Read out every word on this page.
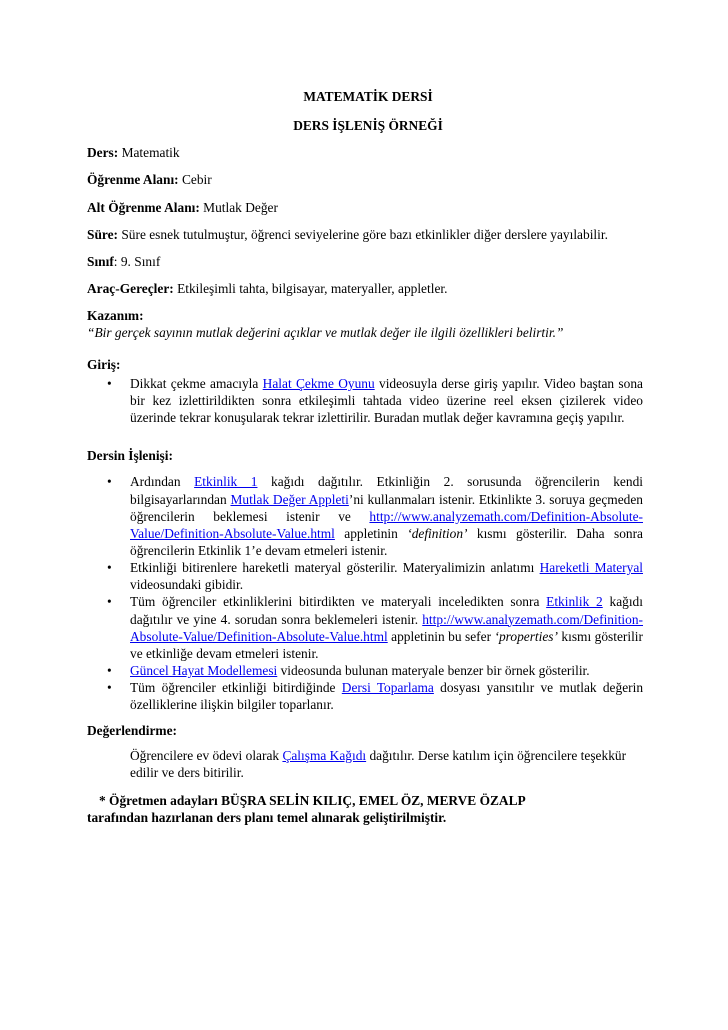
MATEMATİK DERSİ

DERS İŞLENİŞ ÖRNEĞİ

Ders: Matematik

Öğrenme Alanı: Cebir

Alt Öğrenme Alanı: Mutlak Değer

Süre: Süre esnek tutulmuştur, öğrenci seviyelerine göre bazı etkinlikler diğer derslere yayılabilir.

Sınıf: 9. Sınıf

Araç-Gereçler: Etkileşimli tahta, bilgisayar, materyaller, appletler.

Kazanım:

“Bir gerçek sayının mutlak değerini açıklar ve mutlak değer ile ilgili özellikleri belirtir.”

Giriş:

• Dikkat çekme amacıyla Halat Çekme Oyunu videosuyla derse giriş yapılır. Video baştan sona bir kez izlettirildikten sonra etkileşimli tahtada video üzerine reel eksen çizilerek video üzerinde tekrar konuşularak tekrar izlettirilir. Buradan mutlak değer kavramına geçiş yapılır.

Dersin İşlenişi:

• Ardından Etkinlik 1 kağıdı dağıtılır. Etkinliğin 2. sorusunda öğrencilerin kendi bilgisayarlarından Mutlak Değer Appleti’ni kullanmaları istenir. Etkinlikte 3. soruya geçmeden öğrencilerin beklemesi istenir ve http://www.analyzemath.com/Definition-Absolute-Value/Definition-Absolute-Value.html appletinin ‘definition’ kısmı gösterilir. Daha sonra öğrencilerin Etkinlik 1’e devam etmeleri istenir.
• Etkinliği bitirenlere hareketli materyal gösterilir. Materyalimizin anlatımı Hareketli Materyal videosundaki gibidir.
• Tüm öğrenciler etkinliklerini bitirdikten ve materyali inceledikten sonra Etkinlik 2 kağıdı dağıtılır ve yine 4. sorudan sonra beklemeleri istenir. http://www.analyzemath.com/Definition-Absolute-Value/Definition-Absolute-Value.html appletinin bu sefer ‘properties’ kısmı gösterilir ve etkinliğe devam etmeleri istenir.
• Güncel Hayat Modellemesi videosunda bulunan materyale benzer bir örnek gösterilir.
• Tüm öğrenciler etkinliği bitirdiğinde Dersi Toparlama dosyası yansıtılır ve mutlak değerin özelliklerine ilişkin bilgiler toparlanır.

Değerlendirme:

Öğrencilere ev ödevi olarak Çalışma Kağıdı dağıtılır. Derse katılım için öğrencilere teşekkür edilir ve ders bitirilir.

* Öğretmen adayları BÜŞRA SELİN KILIÇ, EMEL ÖZ, MERVE ÖZALP
tarafından hazırlanan ders planı temel alınarak geliştirilmiştir.
